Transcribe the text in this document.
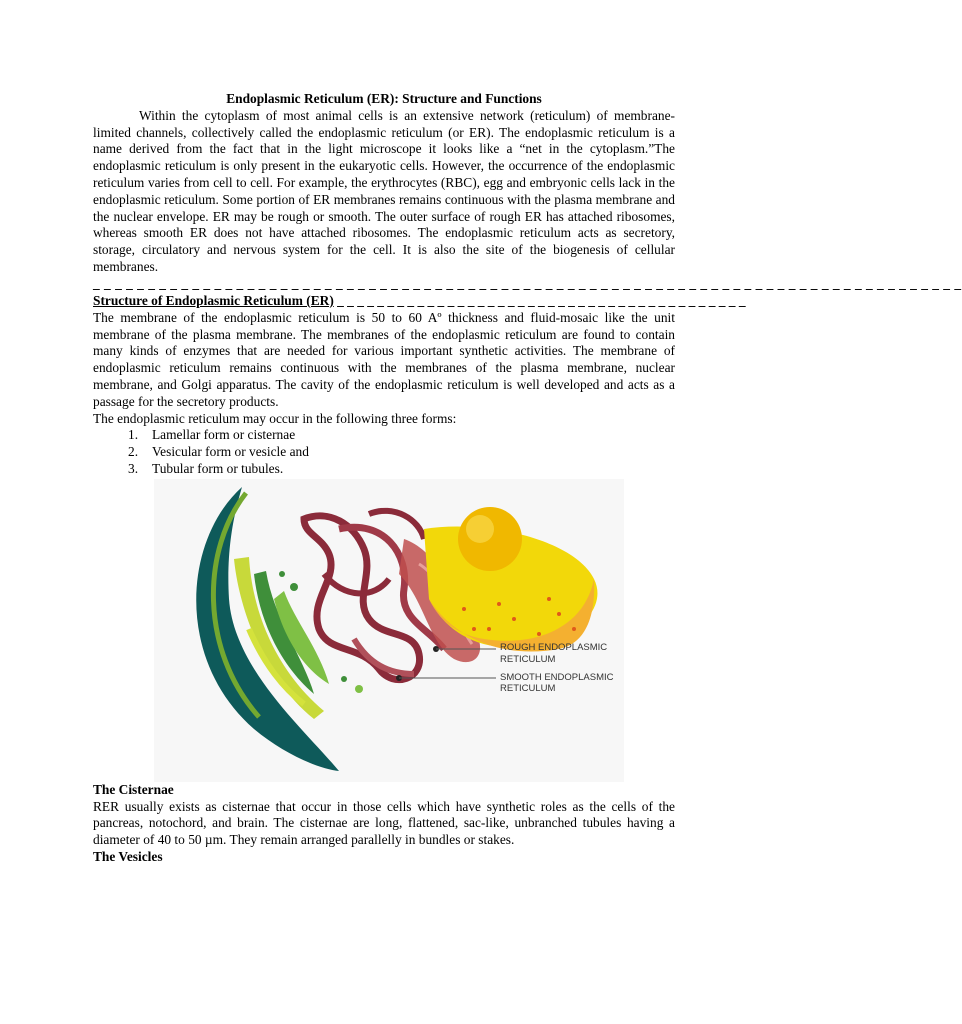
Endoplasmic Reticulum (ER): Structure and Functions

Within the cytoplasm of most animal cells is an extensive network (reticulum) of membrane-limited channels, collectively called the endoplasmic reticulum (or ER). The endoplasmic reticulum is a name derived from the fact that in the light microscope it looks like a “net in the cytoplasm.”The endoplasmic reticulum is only present in the eukaryotic cells. However, the occurrence of the endoplasmic reticulum varies from cell to cell. For example, the erythrocytes (RBC), egg and embryonic cells lack in the endoplasmic reticulum. Some portion of ER membranes remains continuous with the plasma membrane and the nuclear envelope. ER may be rough or smooth. The outer surface of rough ER has attached ribosomes, whereas smooth ER does not have attached ribosomes. The endoplasmic reticulum acts as secretory, storage, circulatory and nervous system for the cell. It is also the site of the biogenesis of cellular membranes.

_ _ _ _ _ _ _ _ _ _ _ _ _ _ _ _ _ _ _ _ _ _ _ _ _ _ _ _ _ _ _ _ _ _ _ _ _ _ _ _ _ _ _ _ _ _ _ _ _ _ _ _ _ _ _ _ _ _ _ _ _ _ _ _ _ _ _ _ _ _ _ _ _ _ _ _ _ _ _

Structure of Endoplasmic Reticulum (ER) _ _ _ _ _ _ _ _ _ _ _ _ _ _ _ _ _ _ _ _ _ _ _ _ _ _ _ _ _ _ _ _ _ _ _ _ _ _ _ _ _

The membrane of the endoplasmic reticulum is 50 to 60 Aº thickness and fluid-mosaic like the unit membrane of the plasma membrane. The membranes of the endoplasmic reticulum are found to contain many kinds of enzymes that are needed for various important synthetic activities. The membrane of endoplasmic reticulum remains continuous with the membranes of the plasma membrane, nuclear membrane, and Golgi apparatus. The cavity of the endoplasmic reticulum is well developed and acts as a passage for the secretory products.

The endoplasmic reticulum may occur in the following three forms:

1.	Lamellar form or cisternae
2.	Vesicular form or vesicle and
3.	Tubular form or tubules.
ROUGH ENDOPLASMIC
RETICULUM
SMOOTH ENDOPLASMIC
RETICULUM

The Cisternae

RER usually exists as cisternae that occur in those cells which have synthetic roles as the cells of the pancreas, notochord, and brain. The cisternae are long, flattened, sac-like, unbranched tubules having a diameter of 40 to 50 µm. They remain arranged parallelly in bundles or stakes.

The Vesicles
